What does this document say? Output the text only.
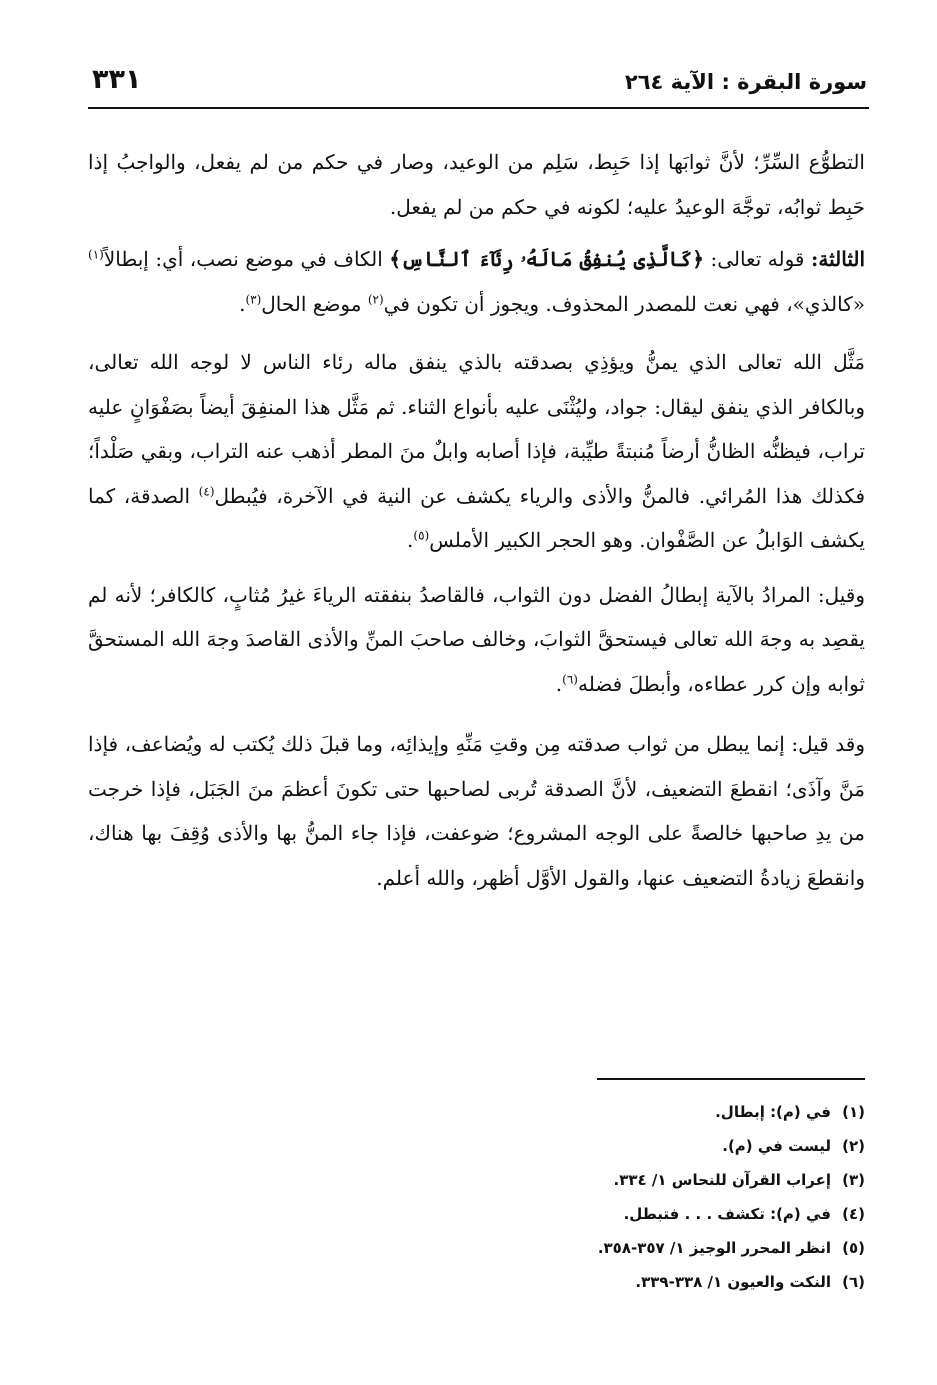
سورة البقرة : الآية ٢٦٤
٣٣١

التطوُّع السِّرِّ؛ لأنَّ ثوابَها إذا حَبِط، سَلِم من الوعيد، وصار في حكم من لم يفعل، والواجبُ إذا حَبِط ثوابُه، توجَّهَ الوعيدُ عليه؛ لكونه في حكم من لم يفعل.

الثالثة: قوله تعالى: ﴿كَالَّذِى يُنفِقُ مَالَهُۥ رِئَآءَ ٱلنَّاسِ﴾ الكاف في موضع نصب، أي: إبطالاً$^{(١)}$ «كالذي»، فهي نعت للمصدر المحذوف. ويجوز أن تكون في$^{(٢)}$ موضع الحال$^{(٣)}$.

مَثَّل الله تعالى الذي يمنُّ ويؤذِي بصدقته بالذي ينفق ماله رئاء الناس لا لوجه الله تعالى، وبالكافر الذي ينفق ليقال: جواد، وليُثْنَى عليه بأنواع الثناء. ثم مَثَّل هذا المنفِقَ أيضاً بصَفْوَانٍ عليه تراب، فيظنُّه الظانُّ أرضاً مُنبتةً طيِّبة، فإذا أصابه وابلٌ منَ المطر أذهب عنه التراب، وبقي صَلْداً؛ فكذلك هذا المُرائي. فالمنُّ والأذى والرياء يكشف عن النية في الآخرة، فيُبطل$^{(٤)}$ الصدقة، كما يكشف الوَابلُ عن الصَّفْوان. وهو الحجر الكبير الأملس$^{(٥)}$.

وقيل: المرادُ بالآية إبطالُ الفضل دون الثواب، فالقاصدُ بنفقته الرياءَ غيرُ مُثابٍ، كالكافر؛ لأنه لم يقصِد به وجهَ الله تعالى فيستحقَّ الثوابَ، وخالف صاحبَ المنِّ والأذى القاصدَ وجهَ الله المستحقَّ ثوابه وإن كرر عطاءه، وأبطلَ فضله$^{(٦)}$.

وقد قيل: إنما يبطل من ثواب صدقته مِن وقتِ مَنِّهِ وإيذائِه، وما قبلَ ذلك يُكتب له ويُضاعف، فإذا مَنَّ وآذَى؛ انقطعَ التضعيف، لأنَّ الصدقة تُربى لصاحبها حتى تكونَ أعظمَ منَ الجَبَل، فإذا خرجت من يدِ صاحبها خالصةً على الوجه المشروع؛ ضوعفت، فإذا جاء المنُّ بها والأذى وُقِفَ بها هناك، وانقطعَ زيادةُ التضعيف عنها، والقول الأوَّل أظهر، والله أعلم.

(١)في (م): إبطال.
(٢)ليست في (م).
(٣)إعراب القرآن للنحاس ١/ ٣٣٤.
(٤)في (م): تكشف . . . فتبطل.
(٥)انظر المحرر الوجيز ١/ ٣٥٧-٣٥٨.
(٦)النكت والعيون ١/ ٣٣٨-٣٣٩.
